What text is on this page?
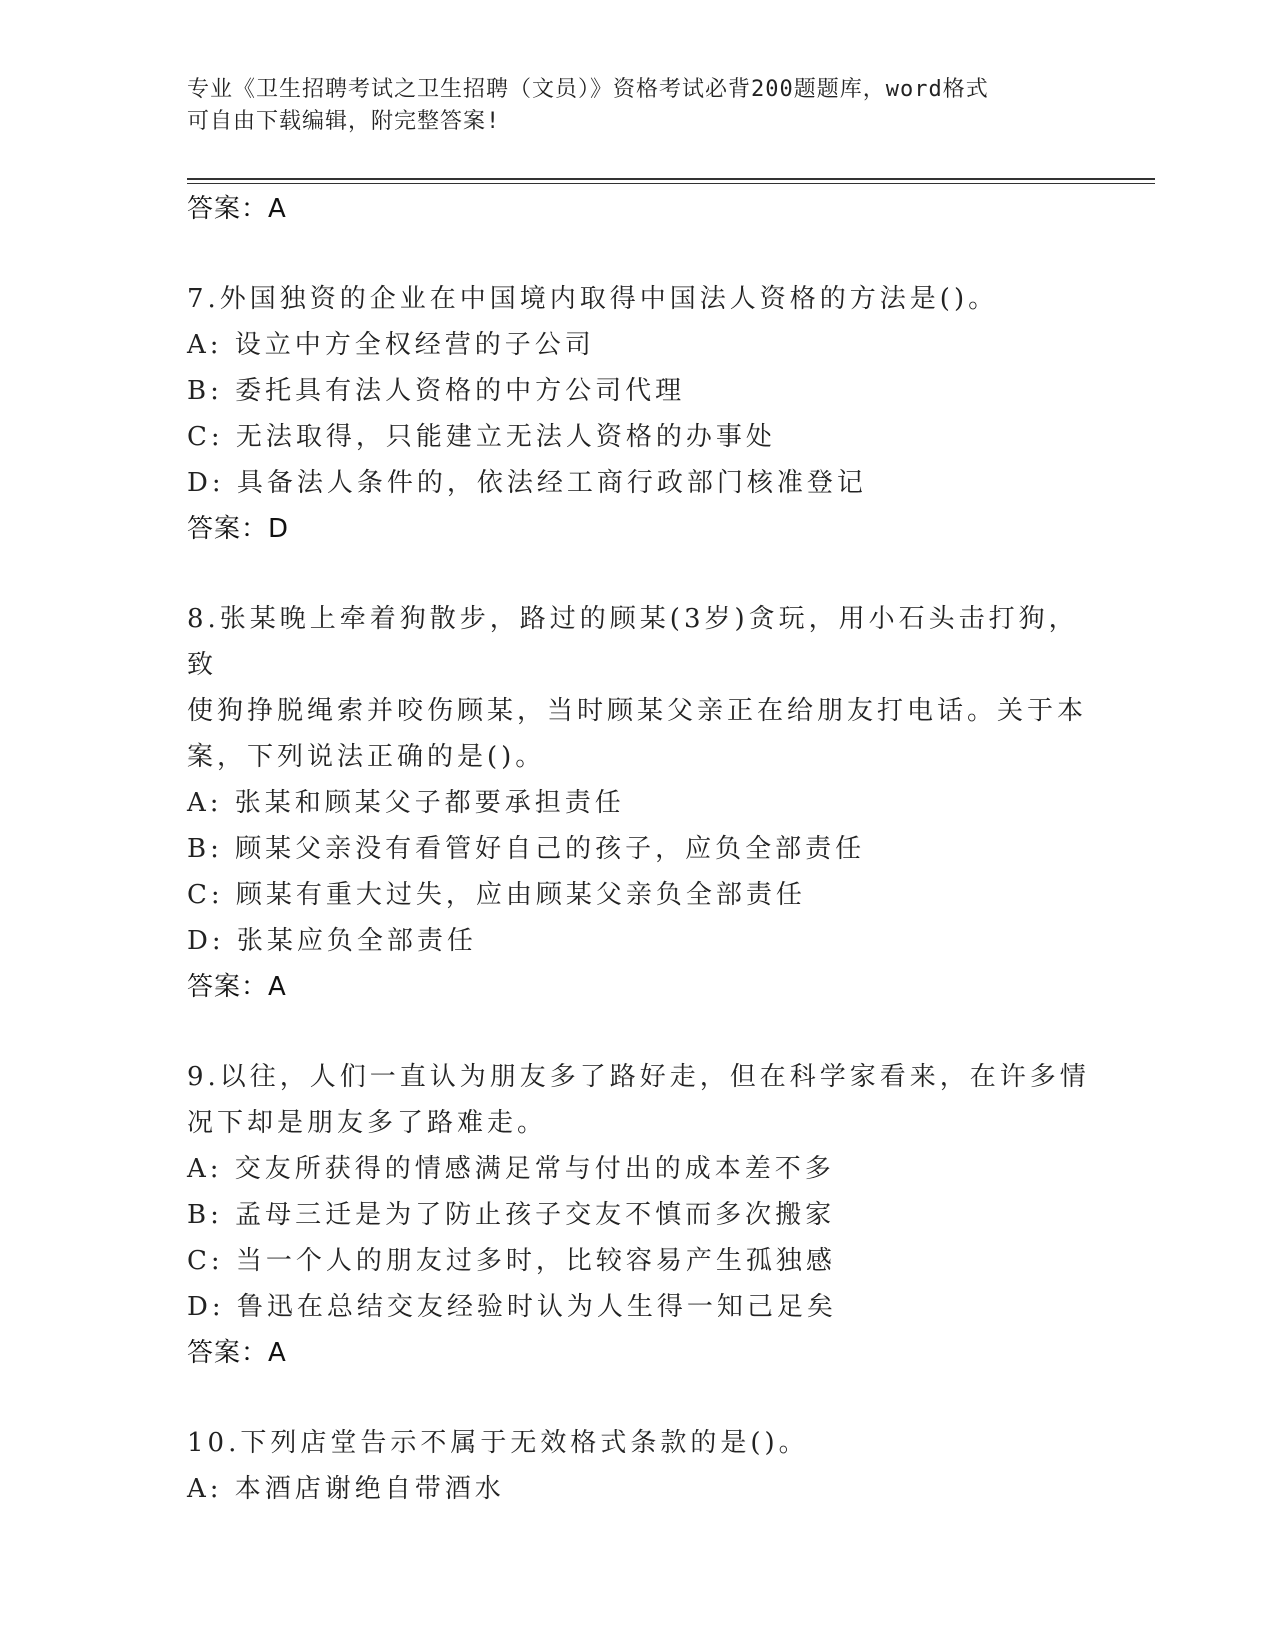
专业《卫生招聘考试之卫生招聘（文员）》资格考试必背200题题库，word格式
可自由下载编辑，附完整答案!

答案：A

7.外国独资的企业在中国境内取得中国法人资格的方法是()。

A: 设立中方全权经营的子公司

B: 委托具有法人资格的中方公司代理

C: 无法取得，只能建立无法人资格的办事处

D: 具备法人条件的，依法经工商行政部门核准登记

答案：D

8.张某晚上牵着狗散步，路过的顾某(3岁)贪玩，用小石头击打狗，致

使狗挣脱绳索并咬伤顾某，当时顾某父亲正在给朋友打电话。关于本

案，下列说法正确的是()。

A: 张某和顾某父子都要承担责任

B: 顾某父亲没有看管好自己的孩子，应负全部责任

C: 顾某有重大过失，应由顾某父亲负全部责任

D: 张某应负全部责任

答案：A

9.以往，人们一直认为朋友多了路好走，但在科学家看来，在许多情

况下却是朋友多了路难走。

A: 交友所获得的情感满足常与付出的成本差不多

B: 孟母三迁是为了防止孩子交友不慎而多次搬家

C: 当一个人的朋友过多时，比较容易产生孤独感

D: 鲁迅在总结交友经验时认为人生得一知己足矣

答案：A

10.下列店堂告示不属于无效格式条款的是()。

A: 本酒店谢绝自带酒水
